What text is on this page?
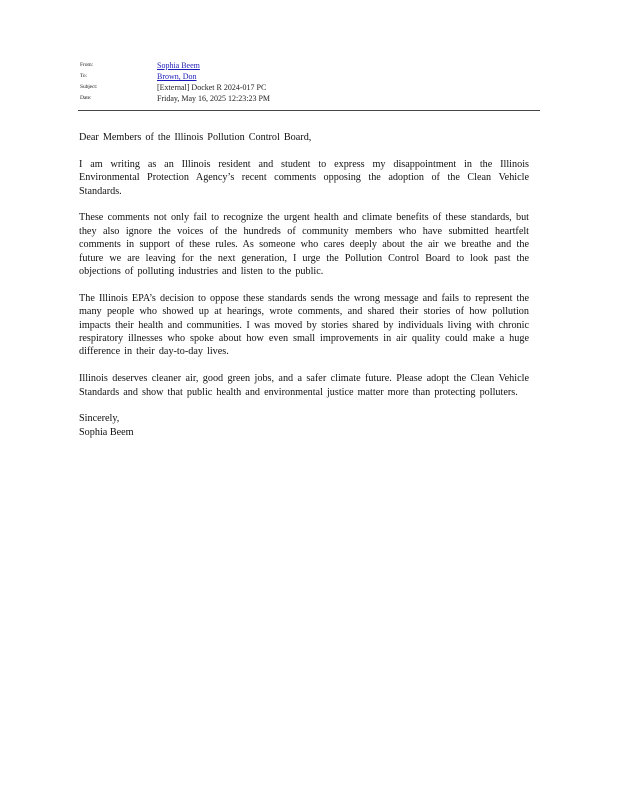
From:	Sophia Beem
To:	Brown, Don
Subject:	[External] Docket R 2024-017 PC
Date:	Friday, May 16, 2025 12:23:23 PM

Dear Members of the Illinois Pollution Control Board,

I am writing as an Illinois resident and student to express my disappointment in the Illinois Environmental Protection Agency’s recent comments opposing the adoption of the Clean Vehicle Standards.

These comments not only fail to recognize the urgent health and climate benefits of these standards, but they also ignore the voices of the hundreds of community members who have submitted heartfelt comments in support of these rules. As someone who cares deeply about the air we breathe and the future we are leaving for the next generation, I urge the Pollution Control Board to look past the objections of polluting industries and listen to the public.

The Illinois EPA’s decision to oppose these standards sends the wrong message and fails to represent the many people who showed up at hearings, wrote comments, and shared their stories of how pollution impacts their health and communities. I was moved by stories shared by individuals living with chronic respiratory illnesses who spoke about how even small improvements in air quality could make a huge difference in their day-to-day lives.

Illinois deserves cleaner air, good green jobs, and a safer climate future. Please adopt the Clean Vehicle Standards and show that public health and environmental justice matter more than protecting polluters.

Sincerely,
Sophia Beem
